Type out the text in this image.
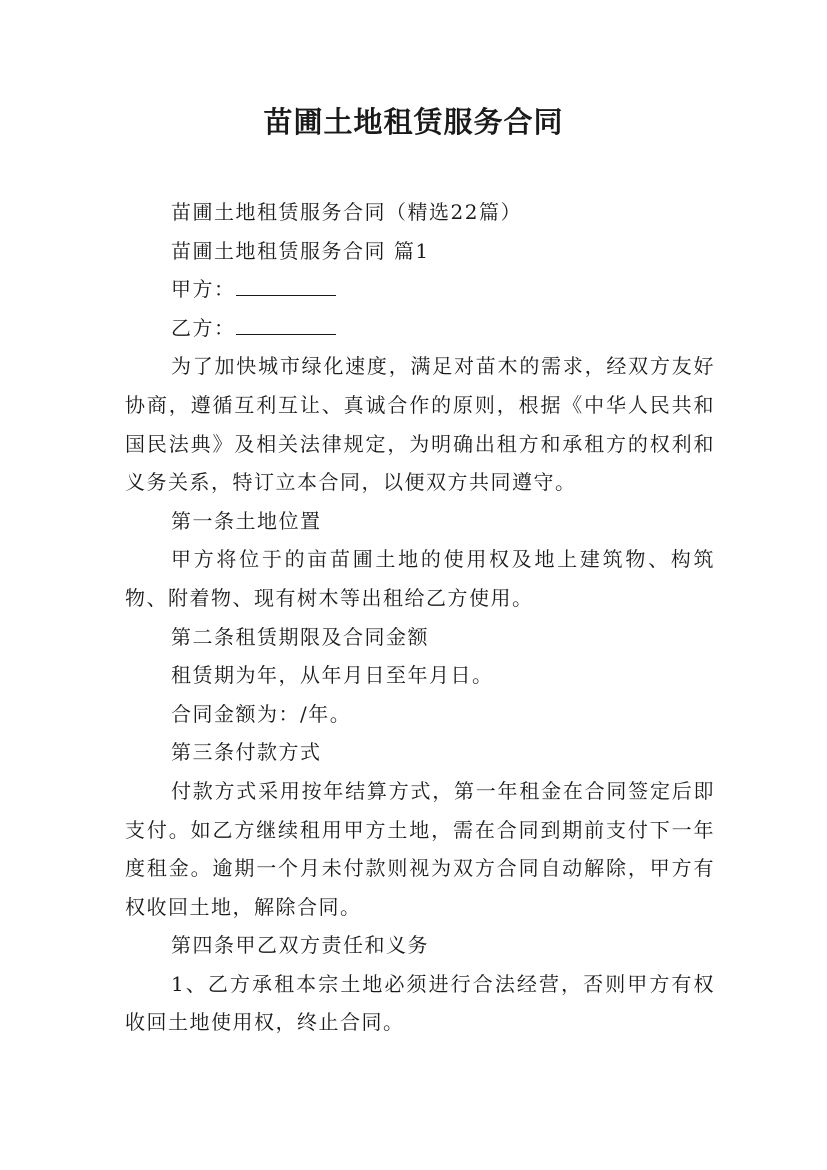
苗圃土地租赁服务合同

苗圃土地租赁服务合同（精选22篇）

苗圃土地租赁服务合同 篇1

甲方：

乙方：

为了加快城市绿化速度，满足对苗木的需求，经双方友好协商，遵循互利互让、真诚合作的原则，根据《中华人民共和国民法典》及相关法律规定，为明确出租方和承租方的权利和义务关系，特订立本合同，以便双方共同遵守。

第一条土地位置

甲方将位于的亩苗圃土地的使用权及地上建筑物、构筑物、附着物、现有树木等出租给乙方使用。

第二条租赁期限及合同金额

租赁期为年，从年月日至年月日。

合同金额为：/年。

第三条付款方式

付款方式采用按年结算方式，第一年租金在合同签定后即支付。如乙方继续租用甲方土地，需在合同到期前支付下一年度租金。逾期一个月未付款则视为双方合同自动解除，甲方有权收回土地，解除合同。

第四条甲乙双方责任和义务

1、乙方承租本宗土地必须进行合法经营，否则甲方有权收回土地使用权，终止合同。
